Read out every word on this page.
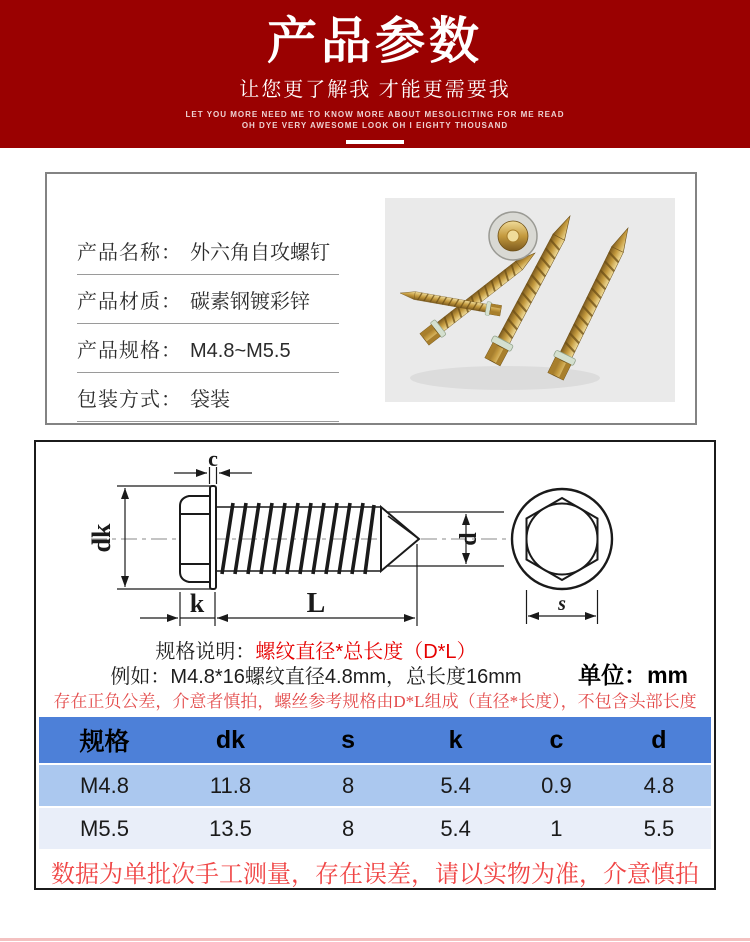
产品参数
让您更了解我 才能更需要我
LET YOU MORE NEED ME TO KNOW MORE ABOUT MESOLICITING FOR ME READ
OH DYE VERY AWESOME LOOK OH I EIGHTY THOUSAND
产品名称： 外六角自攻螺钉
产品材质： 碳素钢镀彩锌
产品规格： M4.8~M5.5
包装方式： 袋装
c
dk
k	L
d
s
规格说明：螺纹直径*总长度（D*L）
例如：M4.8*16螺纹直径4.8mm，总长度16mm	单位：mm
存在正负公差，介意者慎拍，螺丝参考规格由D*L组成（直径*长度），不包含头部长度
规格	dk	s	k	c	d
M4.8	11.8	8	5.4	0.9	4.8
M5.5	13.5	8	5.4	1	5.5
数据为单批次手工测量，存在误差，请以实物为准，介意慎拍
